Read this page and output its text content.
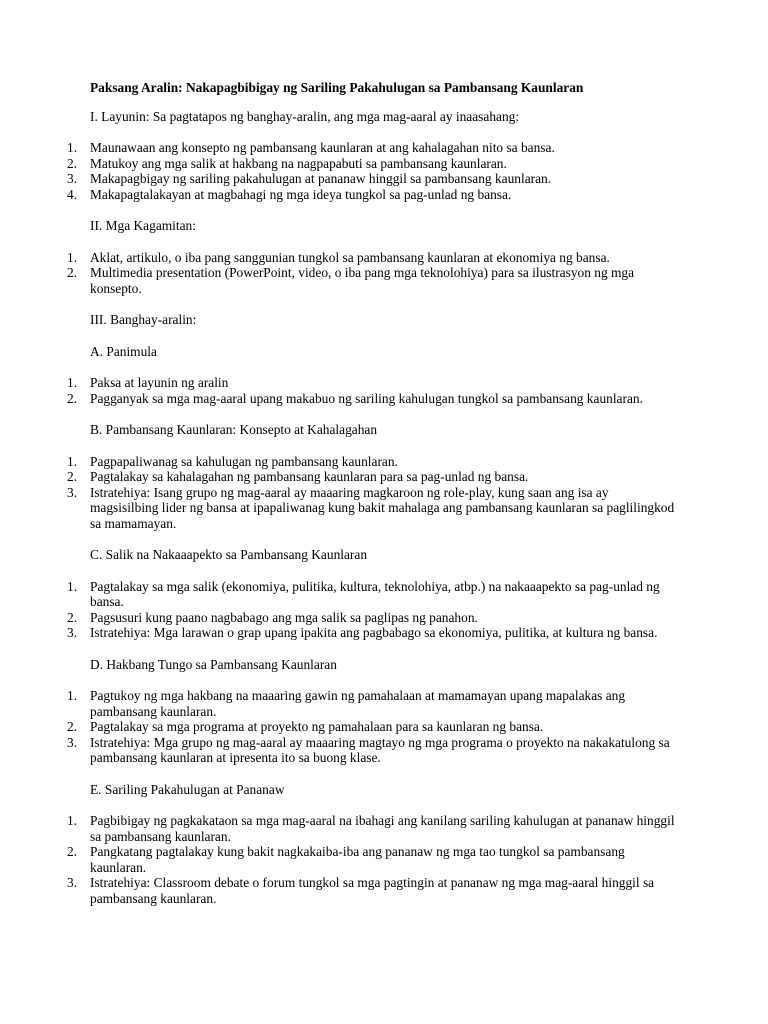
Paksang Aralin: Nakapagbibigay ng Sariling Pakahulugan sa Pambansang Kaunlaran
I. Layunin: Sa pagtatapos ng banghay-aralin, ang mga mag-aaral ay inaasahang:
1. Maunawaan ang konsepto ng pambansang kaunlaran at ang kahalagahan nito sa bansa.
2. Matukoy ang mga salik at hakbang na nagpapabuti sa pambansang kaunlaran.
3. Makapagbigay ng sariling pakahulugan at pananaw hinggil sa pambansang kaunlaran.
4. Makapagtalakayan at magbahagi ng mga ideya tungkol sa pag-unlad ng bansa.
II. Mga Kagamitan:
1. Aklat, artikulo, o iba pang sanggunian tungkol sa pambansang kaunlaran at ekonomiya ng bansa.
2. Multimedia presentation (PowerPoint, video, o iba pang mga teknolohiya) para sa ilustrasyon ng mga konsepto.
III. Banghay-aralin:
A. Panimula
1. Paksa at layunin ng aralin
2. Pagganyak sa mga mag-aaral upang makabuo ng sariling kahulugan tungkol sa pambansang kaunlaran.
B. Pambansang Kaunlaran: Konsepto at Kahalagahan
1. Pagpapaliwanag sa kahulugan ng pambansang kaunlaran.
2. Pagtalakay sa kahalagahan ng pambansang kaunlaran para sa pag-unlad ng bansa.
3. Istratehiya: Isang grupo ng mag-aaral ay maaaring magkaroon ng role-play, kung saan ang isa ay magsisilbing lider ng bansa at ipapaliwanag kung bakit mahalaga ang pambansang kaunlaran sa paglilingkod sa mamamayan.
C. Salik na Nakaaapekto sa Pambansang Kaunlaran
1. Pagtalakay sa mga salik (ekonomiya, pulitika, kultura, teknolohiya, atbp.) na nakaaapekto sa pag-unlad ng bansa.
2. Pagsusuri kung paano nagbabago ang mga salik sa paglipas ng panahon.
3. Istratehiya: Mga larawan o grap upang ipakita ang pagbabago sa ekonomiya, pulitika, at kultura ng bansa.
D. Hakbang Tungo sa Pambansang Kaunlaran
1. Pagtukoy ng mga hakbang na maaaring gawin ng pamahalaan at mamamayan upang mapalakas ang pambansang kaunlaran.
2. Pagtalakay sa mga programa at proyekto ng pamahalaan para sa kaunlaran ng bansa.
3. Istratehiya: Mga grupo ng mag-aaral ay maaaring magtayo ng mga programa o proyekto na nakakatulong sa pambansang kaunlaran at ipresenta ito sa buong klase.
E. Sariling Pakahulugan at Pananaw
1. Pagbibigay ng pagkakataon sa mga mag-aaral na ibahagi ang kanilang sariling kahulugan at pananaw hinggil sa pambansang kaunlaran.
2. Pangkatang pagtalakay kung bakit nagkakaiba-iba ang pananaw ng mga tao tungkol sa pambansang kaunlaran.
3. Istratehiya: Classroom debate o forum tungkol sa mga pagtingin at pananaw ng mga mag-aaral hinggil sa pambansang kaunlaran.
